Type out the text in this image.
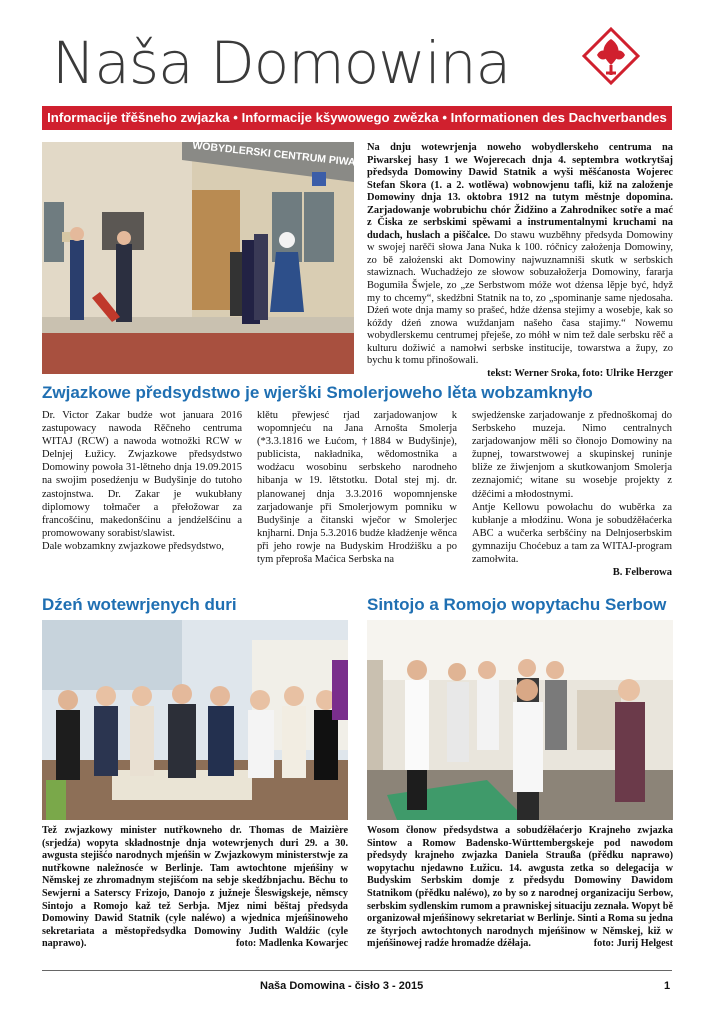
Naša Domowina
Informacije třěšneho zwjazka • Informacije kšywowego zwězka • Informationen des Dachverbandes
WOBYDLERSKI CENTRUM PIWARSKEJ
Na dnju wotewrjenja noweho wobydlerskeho centruma na Piwarskej hasy 1 we Wojerecach dnja 4. septembra wotkrytšaj předsyda Domowiny Dawid Statnik a wyši měšćanosta Wojerec Stefan Skora (1. a 2. wotlěwa) wobnowjenu tafli, kiž na založenje Domowiny dnja 13. oktobra 1912 na tutym městnje dopomina. Zarjadowanje wobrubichu chór Židžino a Zahrodnikec sotře a mać z Čiska ze serbskimi spěwami a instrumentalnymi kruchami na dudach, huslach a piščalce. Do stawu wuzběhny předsyda Domowiny w swojej narěči słowa Jana Nuka k 100. róčnicy założenja Domowiny, zo bě założenski akt Domowiny najwuznamniši skutk w serbskich stawiznach. Wuchadźejo ze słowow sobuzałožerja Domowiny, fararja Bogumiła Šwjele, zo „ze Serbstwom móže wot dźensa lěpje być, hdyž my to chcemy“, skedźbni Statnik na to, zo „spominanje same njedosaha. Dźeń wote dnja mamy so prašeć, hdźe dźensa stejimy a wosebje, kak so kóždy dźeń znowa wuždanjam našeho časa stajimy.“ Nowemu wobydlerskemu centrumej přeješe, zo móhł w nim tež dale serbsku rěč a kulturu dožiwić a namołwi serbske institucije, towarstwa a župy, zo bychu k tomu přinošowali.
tekst: Werner Sroka, foto: Ulrike Herzger
Zwjazkowe předsydstwo je wjerški Smolerjoweho lěta wobzamknyło

Dr. Victor Zakar budźe wot januara 2016 zastupowacy nawoda Rěčneho centruma WITAJ (RCW) a nawoda wotnožki RCW w Delnjej Łužicy. Zwjazkowe předsydstwo Domowiny powoła 31-lětneho dnja 19.09.2015 na swojim posedźenju w Budyšinje do tutoho zastojnstwa. Dr. Zakar je wukubłany diplomowy tołmačer a přełožowar za francošćinu, makedonšćinu a jendźelšćinu a promowowany sorabist/slawist.

Dale wobzamkny zwjazkowe předsydstwo,

klětu přewjesć rjad zarjadowanjow k wopomnjeću na Jana Arnošta Smolerja (*3.3.1816 we Łućom, †1884 w Budyšinje), publicista, nakładnika, wědomostnika a wodźacu wosobinu serbskeho narodneho hibanja w 19. lětstotku. Dotal stej mj. dr. planowanej dnja 3.3.2016 wopomnjenske zarjadowanje při Smolerjowym pomniku w Budyšinje a čitanski wječor w Smolerjec knjharni. Dnja 5.3.2016 budźe kładźenje wěnca při jeho rowje na Budyskim Hrodźišku a po tym přeproša Maćica Serbska na

swjedźenske zarjadowanje z přednoškomaj do Serbskeho muzeja. Nimo centralnych zarjadowanjow měli so čłonojo Domowiny na župnej, towarstwowej a skupinskej runinje bliže ze žiwjenjom a skutkowanjom Smolerja zeznajomić; witane su wosebje projekty z dźěćimi a młodostnymi.

Antje Kellowu powołachu do wuběrka za kubłanje a młodźinu. Wona je sobudźěłaćerka ABC a wučerka serbšćiny na Delnjoserbskim gymnaziju Choćebuz a tam za WITAJ-program zamołwita.

B. Felberowa
Dźeń wotewrjenych duri
Tež zwjazkowy minister nutřkowneho dr. Thomas de Maizière (srjedźa) wopyta składnostnje dnja wotewrjenych duri 29. a 30. awgusta stejišćo narodnych mjeńšin w Zwjazkowym ministerstwje za nutřkowne naležnosće w Berlinje. Tam awtochtone mjeńšiny w Němskej ze zhromadnym stejišćom na sebje skedźbnjachu. Běchu to Sewjerni a Saterscy Frizojo, Danojo z južneje Šleswigskeje, němscy Sintojo a Romojo kaž tež Serbja. Mjez nimi běštaj předsyda Domowiny Dawid Statnik (cyle naléwo) a wjednica mjeńšinoweho sekretariata a městopředsydka Domowiny Judith Waldźic (cyle naprawo).	foto: Madlenka Kowarjec
Sintojo a Romojo wopytachu Serbow
Wosom čłonow předsydstwa a sobudźěłaćerjo Krajneho zwjazka Sintow a Romow Badensko-Württembergskeje pod nawodom předsydy krajneho zwjazka Daniela Straußa (přědku naprawo) wopytachu njedawno Łužicu. 14. awgusta zetka so delegacija w Budyskim Serbskim domje z předsydu Domowiny Dawidom Statnikom (přědku naléwo), zo by so z narodnej organizaciju Serbow, serbskim sydlenskim rumom a prawniskej situaciju zeznała. Wopyt bě organizował mjeńšinowy sekretariat w Berlinje. Sinti a Roma su jedna ze štyrjoch awtochtonych narodnych mjeńšinow w Němskej, kiž w mjeńšinowej radźe hromadźe dźěłaja.	foto: Jurij Helgest
Naša Domowina - čisło 3 - 2015	1
